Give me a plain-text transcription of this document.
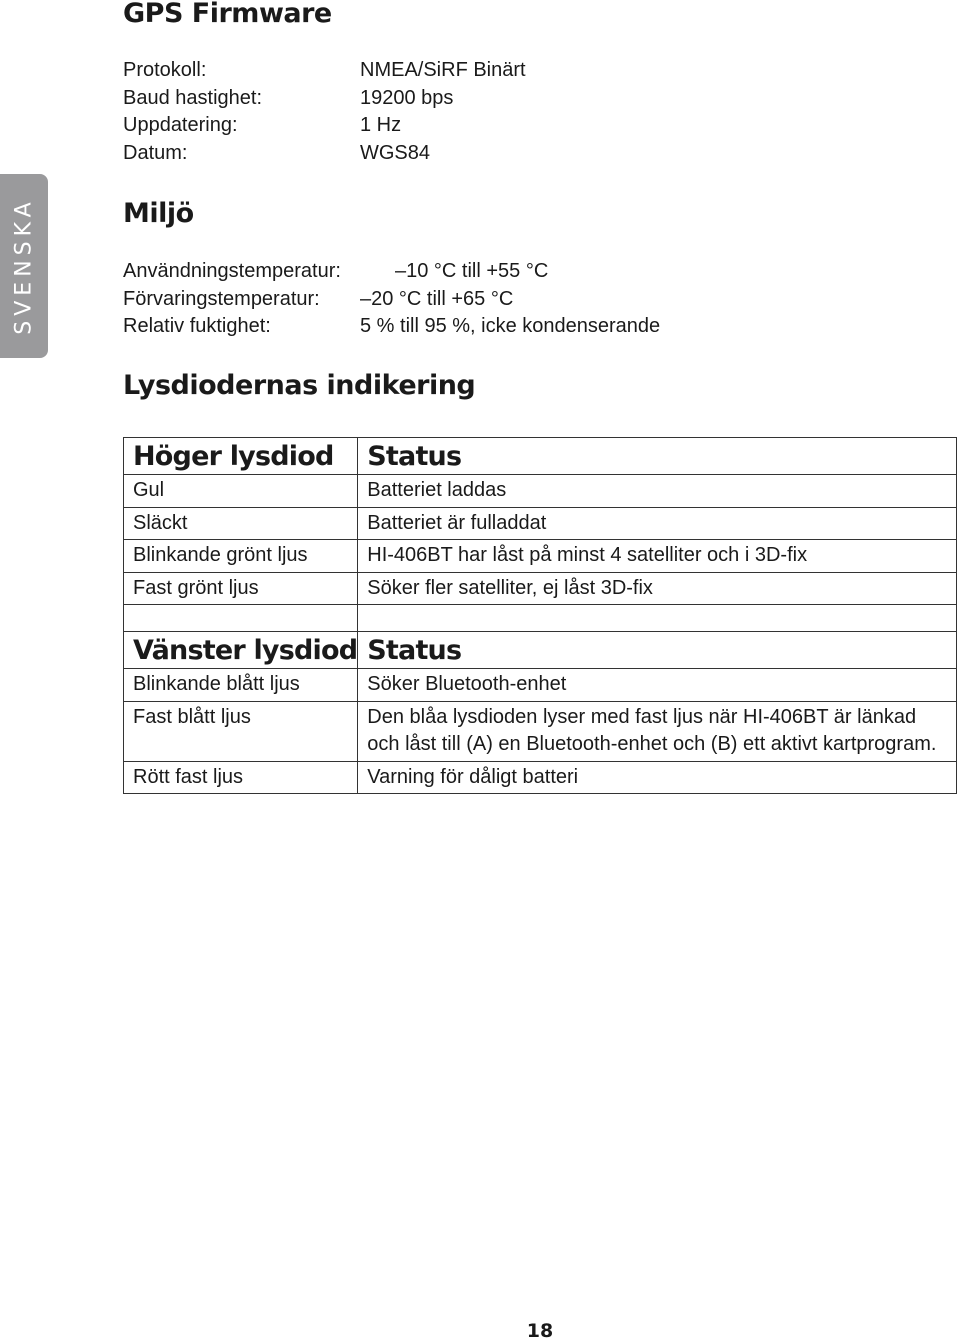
SVENSKA
GPS Firmware
Protokoll:	NMEA/SiRF Binärt
Baud hastighet:	19200 bps
Uppdatering:	1 Hz
Datum:	WGS84
Miljö
Användningstemperatur:	–10 °C till +55 °C
Förvaringstemperatur: –20 °C till +65 °C
Relativ fuktighet:	5 % till 95 %, icke kondenserande
Lysdiodernas indikering
Höger lysdiod	Status
Gul	Batteriet laddas
Släckt	Batteriet är fulladdat
Blinkande grönt ljus	HI-406BT har låst på minst 4 satelliter och i 3D-fix
Fast grönt ljus	Söker fler satelliter, ej låst 3D-fix

Vänster lysdiod	Status
Blinkande blått ljus	Söker Bluetooth-enhet
Fast blått ljus	Den blåa lysdioden lyser med fast ljus när HI-406BT är länkad och låst till (A) en Bluetooth-enhet och (B) ett aktivt kartprogram.
Rött fast ljus	Varning för dåligt batteri
18
